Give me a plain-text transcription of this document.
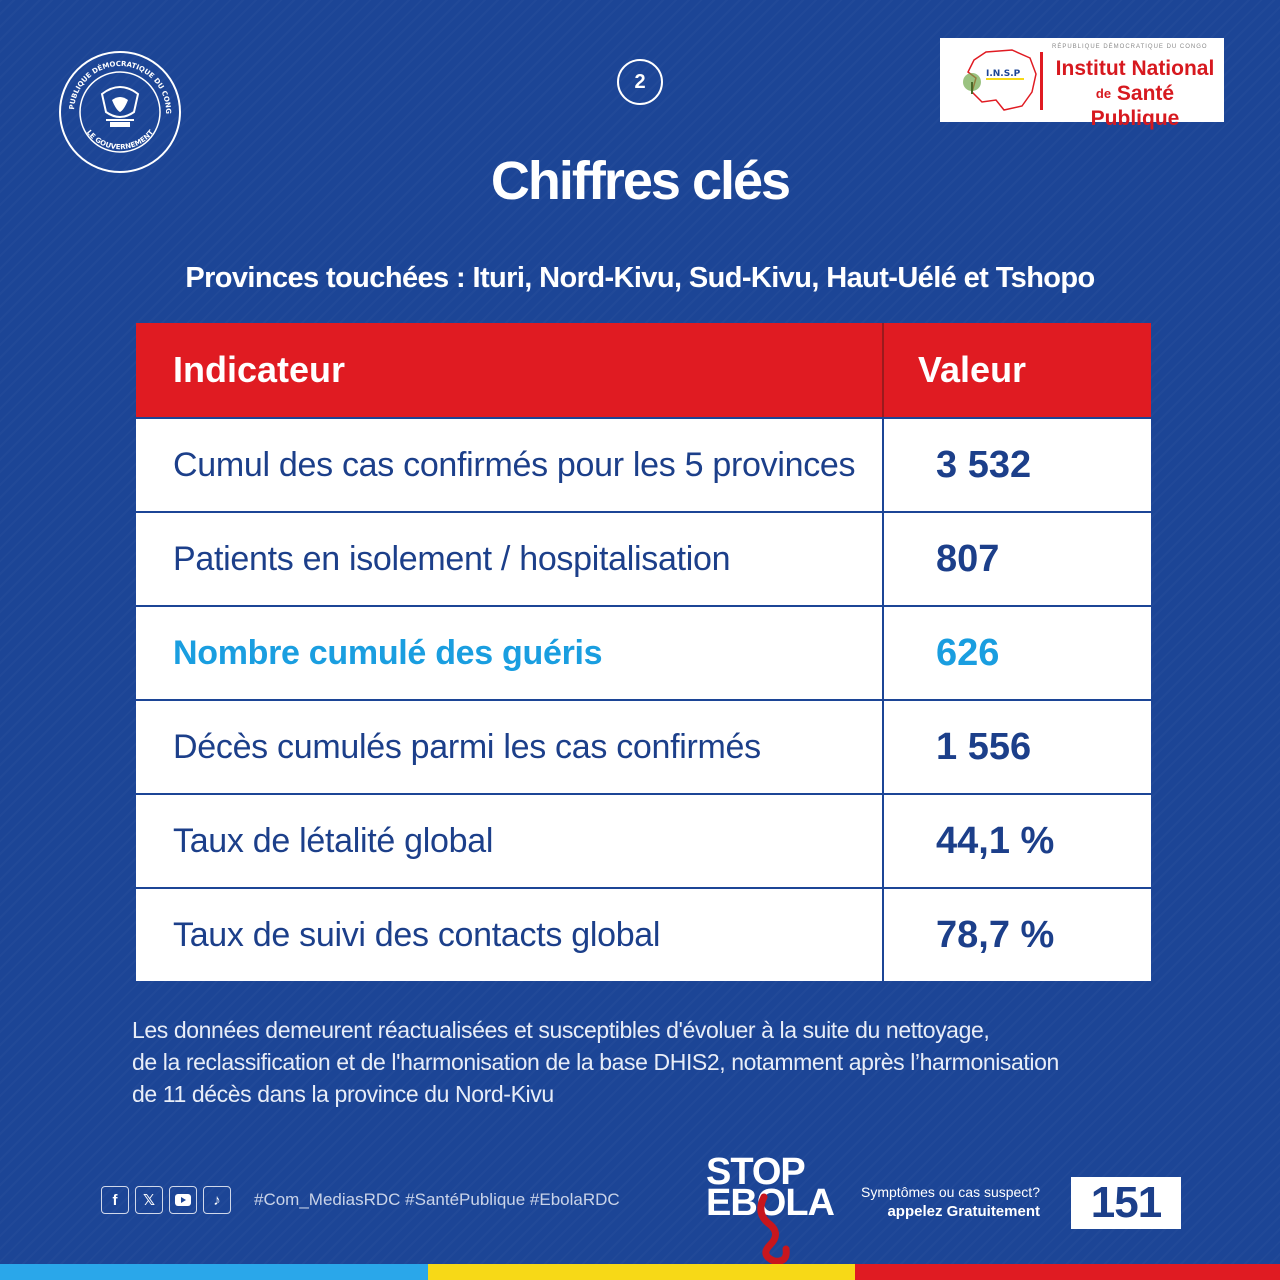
PUBLIQUE DÉMOCRATIQUE DU CONG
LE GOUVERNEMENT
2
RÉPUBLIQUE DÉMOCRATIQUE DU CONGO
I.N.S.P Institut National
$^{de}$ Santé Publique
Chiffres clés
Provinces touchées : Ituri, Nord-Kivu, Sud-Kivu, Haut-Uélé et Tshopo
Indicateur	Valeur
Cumul des cas confirmés pour les 5 provinces	3 532
Patients en isolement / hospitalisation	807
Nombre cumulé des guéris	626
Décès cumulés parmi les cas confirmés	1 556
Taux de létalité global	44,1 %
Taux de suivi des contacts global	78,7 %
Les données demeurent réactualisées et susceptibles d'évoluer à la suite du nettoyage,
de la reclassification et de l'harmonisation de la base DHIS2, notamment après l’harmonisation
de 11 décès dans la province du Nord-Kivu
f	𝕏	♪	#Com_MediasRDC #SantéPublique #EbolaRDC
STOP
EBOLA	Symptômes ou cas suspect?
appelez Gratuitement	151
